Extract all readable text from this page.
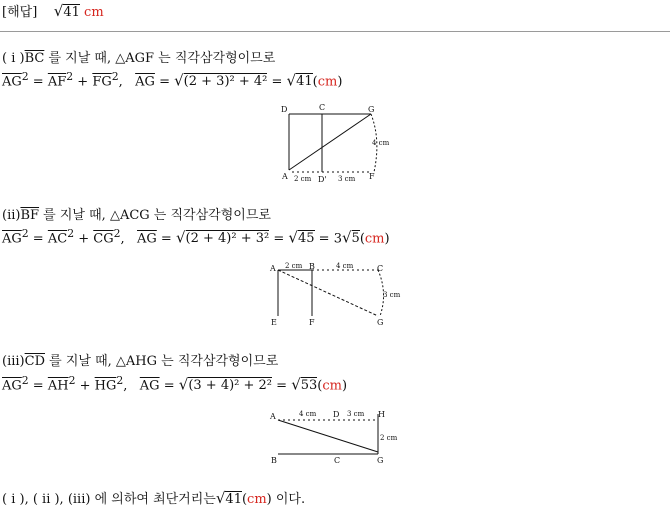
[해답] √41 cm
( i )$\overline{BC}$ 를 지날 때, △AGF 는 직각삼각형이므로
$\overline{AG}^2 = \overline{AF}^2 + \overline{FG}^2$,   $\overline{AG} = √(2 + 3)^2 + 4^2 = √41(cm)$
D	C	G
A	D'	F
4 cm
2 cm	3 cm
$(ii)\overline{BF}$ 를 지날 때, △ACG 는 직각삼각형이므로
$\overline{AG}^2 = \overline{AC}^2 + \overline{CG}^2$,   $\overline{AG} = √(2 + 4)^2 + 3^2 = √45 = 3√5(cm)$
A	B	C
E	F	G
2 cm	4 cm
3 cm
$(iii)\overline{CD}$ 를 지날 때, △AHG 는 직각삼각형이므로
$\overline{AG}^2 = \overline{AH}^2 + \overline{HG}^2$,   $\overline{AG} = √(3 + 4)^2 + 2^2 = √53(cm)$
A	D	H
B	C	G
4 cm	3 cm
2 cm
( i ), ( ii ), (iii) 에 의하여 최단거리는√41(cm) 이다.
